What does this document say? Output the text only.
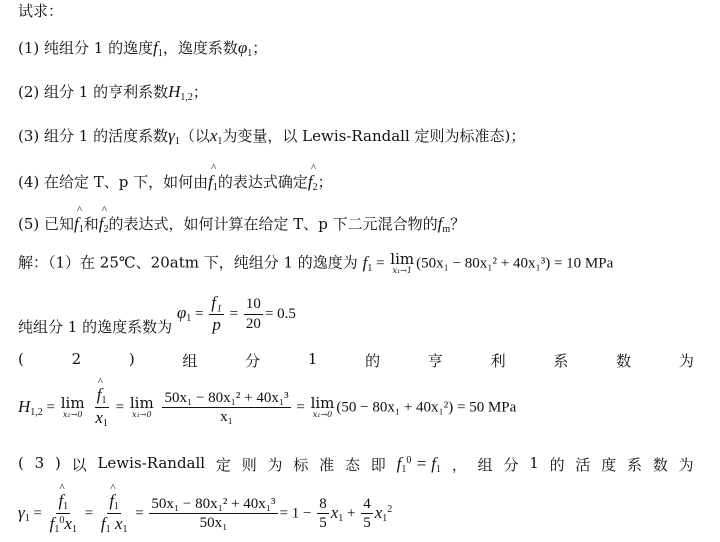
试求：
(1) 纯组分 1 的逸度$f_1$，逸度系数$\varphi_1$；
(2) 组分 1 的亨利系数$H_{1,2}$；
(3) 组分 1 的活度系数$\gamma_1$（以$x_1$为变量，以 Lewis-Randall 定则为标准态)；
(4) 在给定 T、p 下，如何由^ $f_1$的表达式确定^ $f_2$；
(5) 已知^ $f_1$和^ $f_2$的表达式，如何计算在给定 T、p 下二元混合物的$f_m$？
解：（1）在 25℃、20atm 下，纯组分 1 的逸度为 $f_1 = \lim$
x₁→1 (50x₁ − 80x₁² + 40x₁³) = 10 MPa
纯组分 1 的逸度系数为 $\varphi_1 = \frac{\text{f₁}}{p} = \frac{10}{20} = 0.5$
(	2	)	组	分	1	的	亨	利	系	数	为
$H_{1,2} = \lim$
x₁→0
^ $\frac{f_1}{x_1} = \lim$
x₁→0
$\frac{\text{50x₁ − 80x₁² + 40x₁³}}{\text{x₁}} = \lim$
x₁→0 (50 − 80x₁ + 40x₁²) = 50 MPa
( 3 ) 以 Lewis-Randall 定 则 为 标 准 态 即 $f_1^0 = f_1$ ， 组 分 1 的 活 度 系 数 为
$\gamma_1$ = ^ $\frac{f_1}{f_1^0x_1}$ = ^ $\frac{f_1}{f_1 x_1} = \frac{\text{50x₁ − 80x₁² + 40x₁³}}{\text{50x₁}} = 1 - \frac{8}{5} x_1 + \frac{4}{5} x_1^2$
